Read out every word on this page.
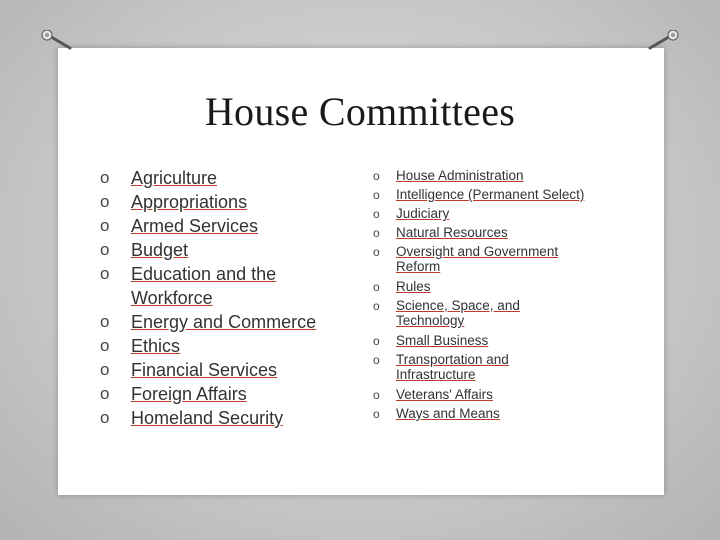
House Committees
o	Agriculture
o	Appropriations
o	Armed Services
o	Budget
o	Education and the Workforce
o	Energy and Commerce
o	Ethics
o	Financial Services
o	Foreign Affairs
o	Homeland Security
o	House Administration
o	Intelligence (Permanent Select)
o	Judiciary
o	Natural Resources
o	Oversight and Government Reform
o	Rules
o	Science, Space, and Technology
o	Small Business
o	Transportation and Infrastructure
o	Veterans' Affairs
o	Ways and Means
